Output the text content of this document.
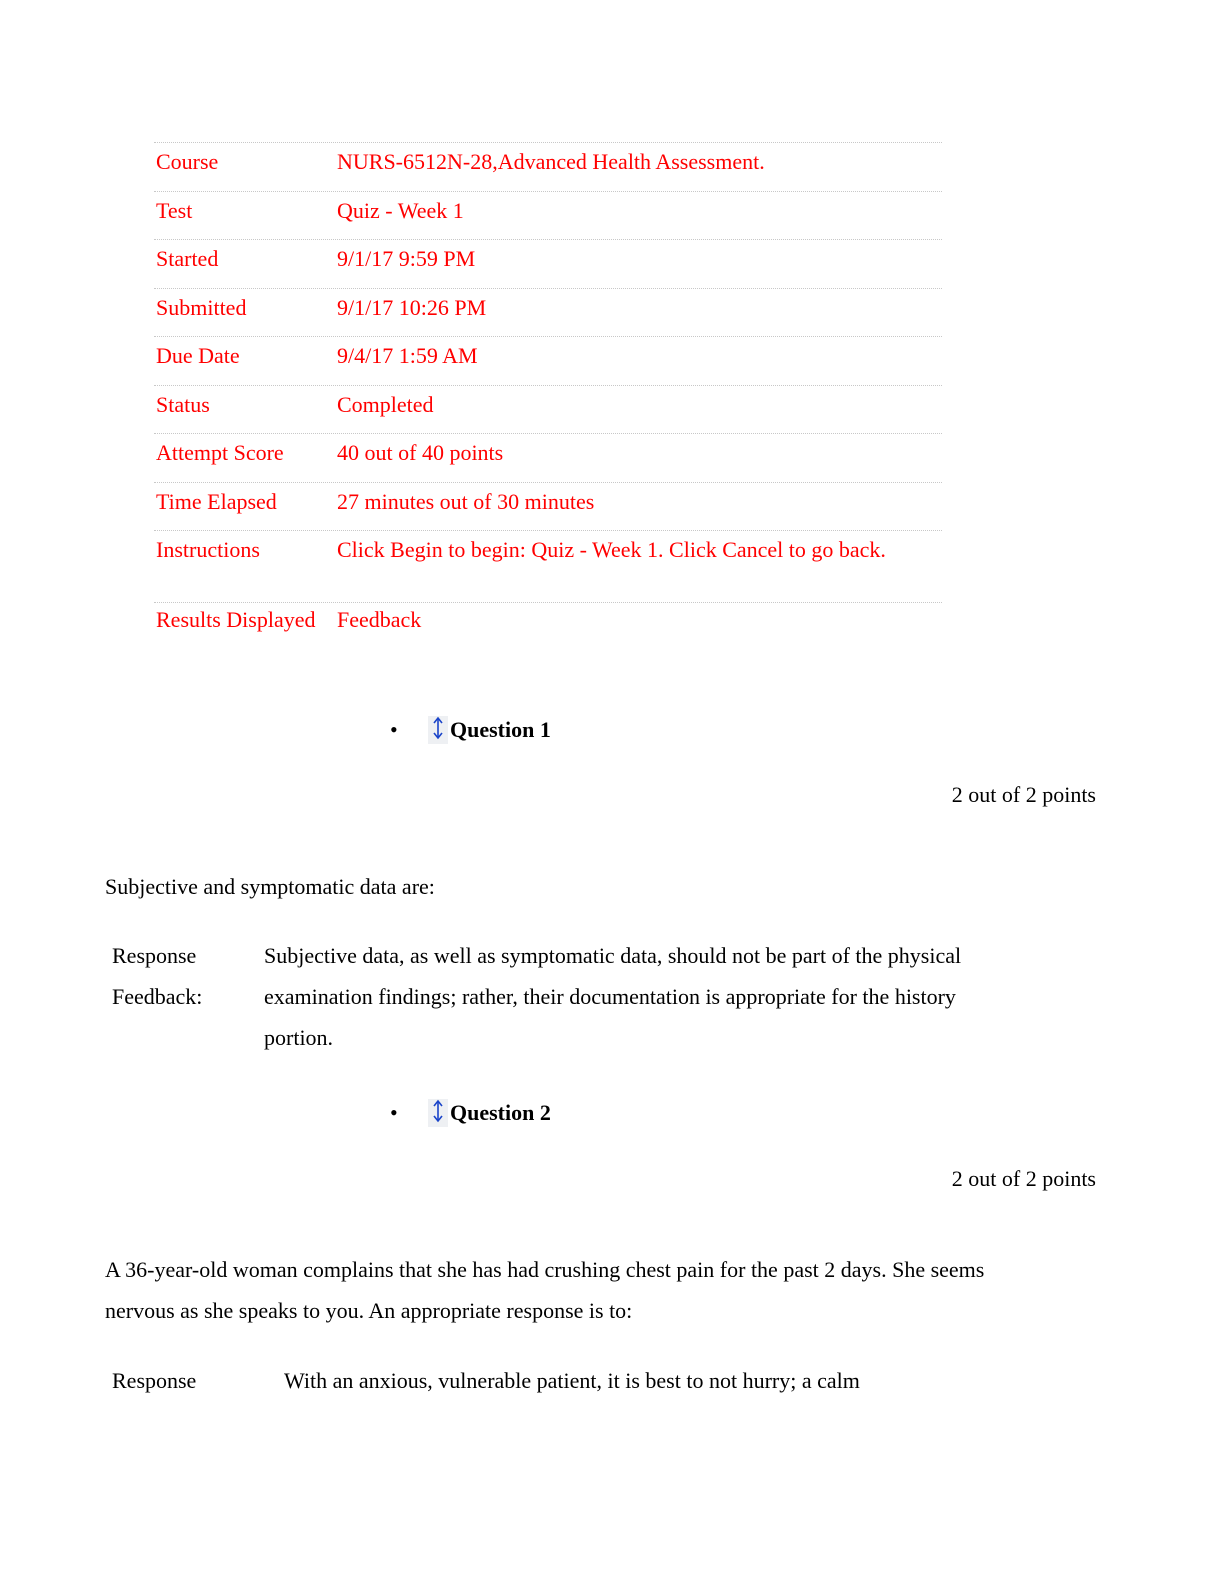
Course	NURS-6512N-28,Advanced Health Assessment.
Test	Quiz - Week 1
Started	9/1/17 9:59 PM
Submitted	9/1/17 10:26 PM
Due Date	9/4/17 1:59 AM
Status	Completed
Attempt Score 40 out of 40 points
Time Elapsed	27 minutes out of 30 minutes
Instructions	Click Begin to begin: Quiz - Week 1. Click Cancel to go back.
Results Displayed Feedback
•	Question 1
2 out of 2 points
Subjective and symptomatic data are:
Response Feedback:
Subjective data, as well as symptomatic data, should not be part of the physical examination findings; rather, their documentation is appropriate for the history portion.
•	Question 2
2 out of 2 points
A 36-year-old woman complains that she has had crushing chest pain for the past 2 days. She seems nervous as she speaks to you. An appropriate response is to:
Response	With an anxious, vulnerable patient, it is best to not hurry; a calm
